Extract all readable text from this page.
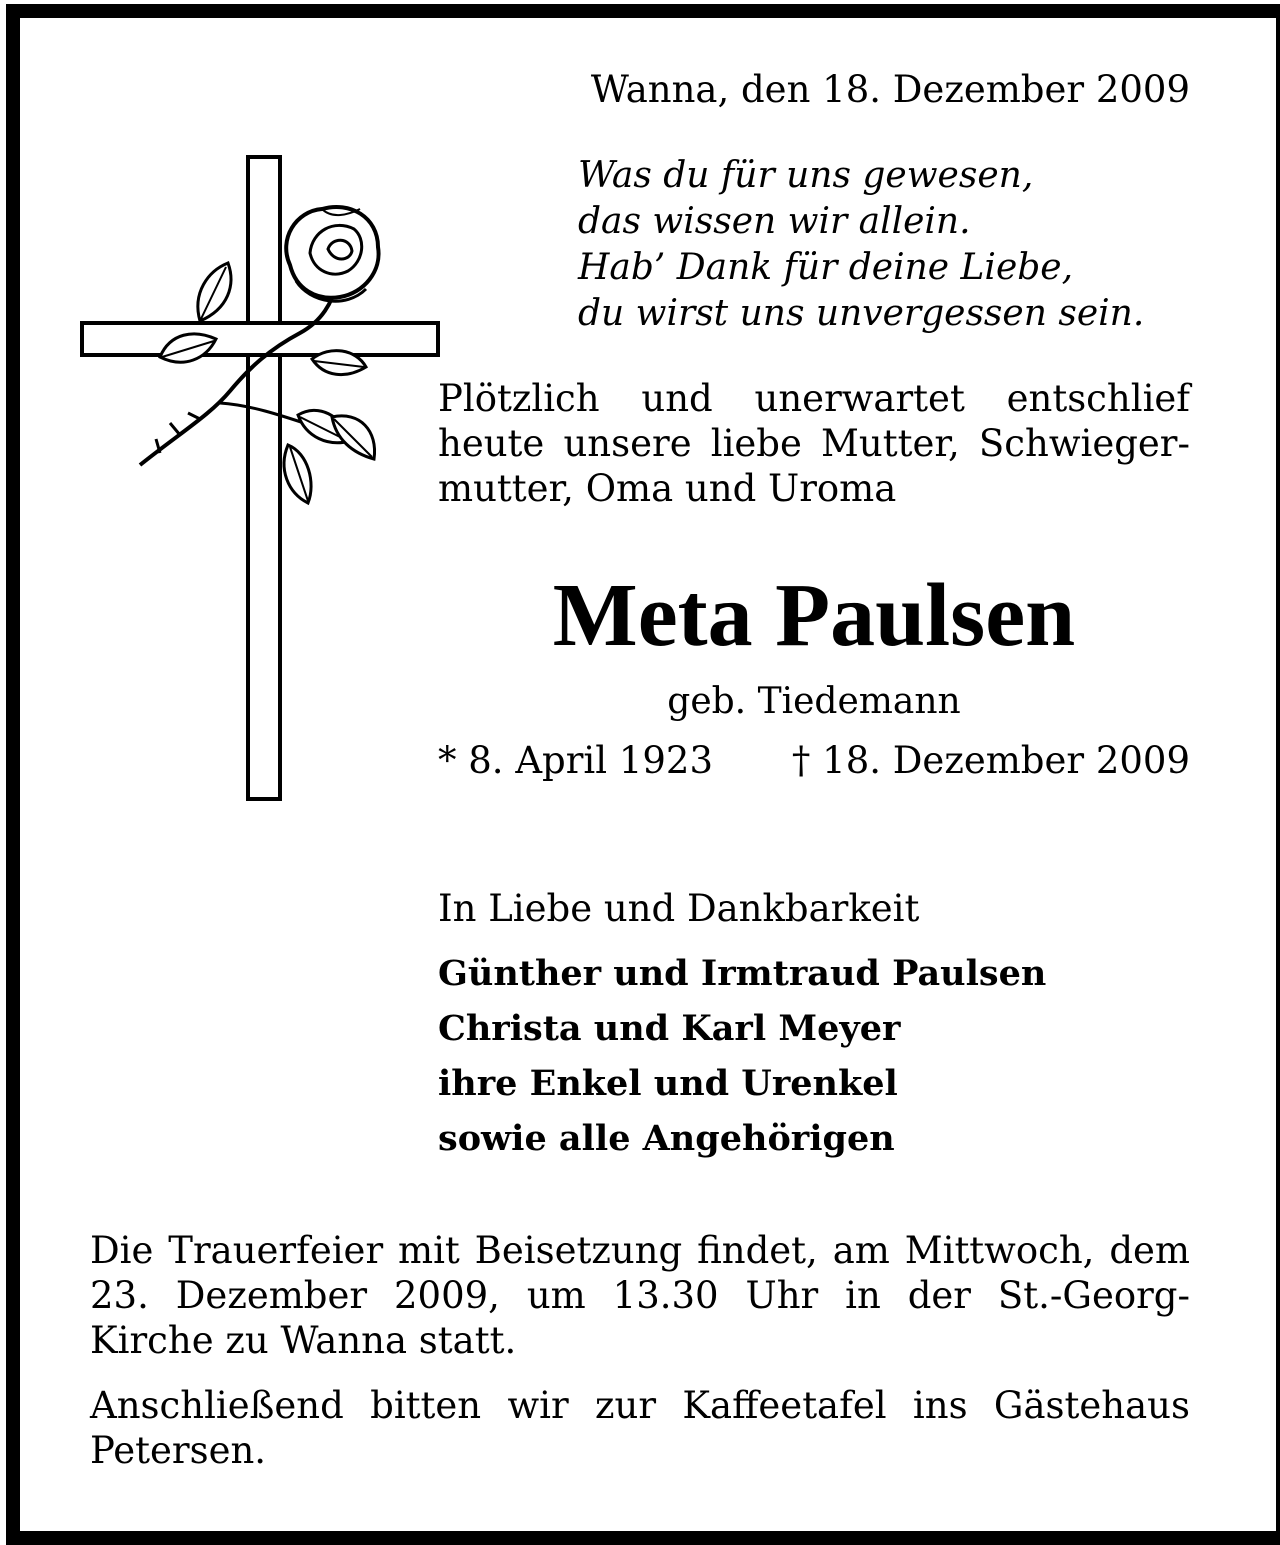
Wanna, den 18. Dezember 2009

Was du für uns gewesen,
das wissen wir allein.
Hab’ Dank für deine Liebe,
du wirst uns unvergessen sein.

Plötzlich und unerwartet entschlief heute unsere liebe Mutter, Schwiegermutter, Oma und Uroma

Meta Paulsen
geb. Tiedemann
* 8. April 1923 † 18. Dezember 2009
In Liebe und Dankbarkeit
Günther und Irmtraud Paulsen
Christa und Karl Meyer
ihre Enkel und Urenkel
sowie alle Angehörigen

Die Trauerfeier mit Beisetzung findet, am Mittwoch, dem 23. Dezember 2009, um 13.30 Uhr in der St.-Georg-Kirche zu Wanna statt.

Anschließend bitten wir zur Kaffeetafel ins Gästehaus Petersen.
